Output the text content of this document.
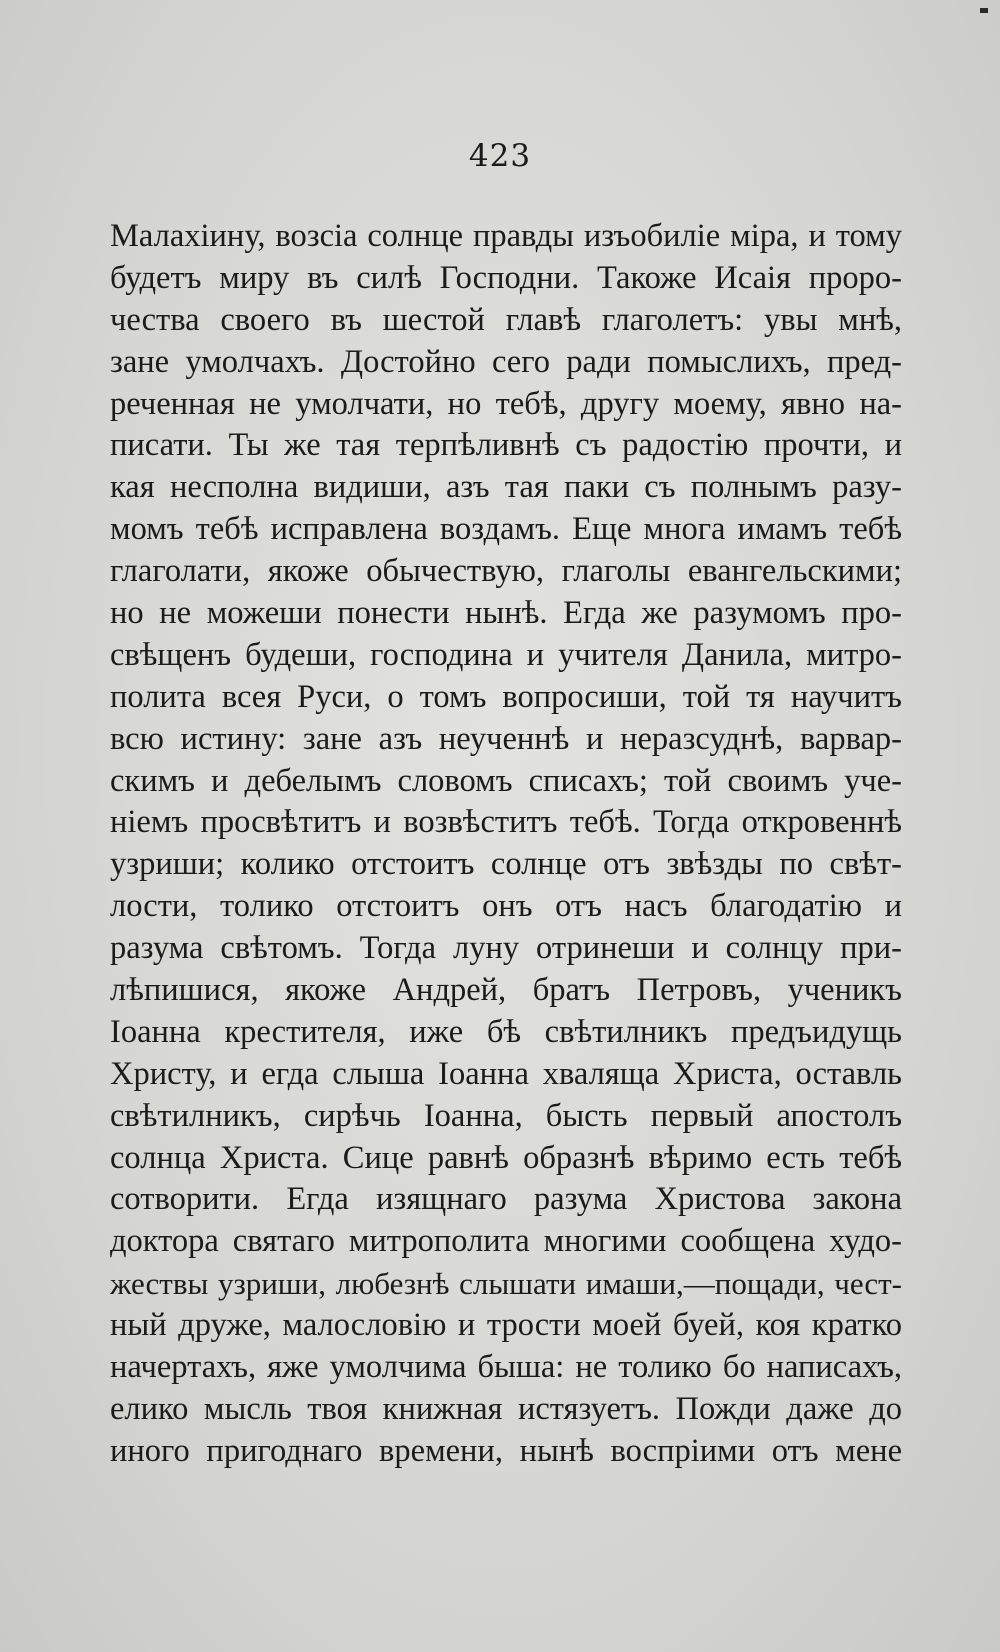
423
Малахіину, возсіа солнце правды изъобиліе міра, и тому
будетъ миру въ силѣ Господни. Такоже Исаія проро-
чества своего въ шестой главѣ глаголетъ: увы мнѣ,
зане умолчахъ. Достойно сего ради помыслихъ, пред-
реченная не умолчати, но тебѣ, другу моему, явно на-
писати. Ты же тая терпѣливнѣ съ радостію прочти, и
кая несполна видиши, азъ тая паки съ полнымъ разу-
момъ тебѣ исправлена воздамъ. Еще многа имамъ тебѣ
глаголати, якоже обычествую, глаголы евангельскими;
но не можеши понести нынѣ. Егда же разумомъ про-
свѣщенъ будеши, господина и учителя Данила, митро-
полита всея Руси, о томъ вопросиши, той тя научитъ
всю истину: зане азъ неученнѣ и неразсуднѣ, варвар-
скимъ и дебелымъ словомъ списахъ; той своимъ уче-
ніемъ просвѣтитъ и возвѣститъ тебѣ. Тогда откровеннѣ
узриши; колико отстоитъ солнце отъ звѣзды по свѣт-
лости, толико отстоитъ онъ отъ насъ благодатію и
разума свѣтомъ. Тогда луну отринеши и солнцу при-
лѣпишися, якоже Андрей, братъ Петровъ, ученикъ
Іоанна крестителя, иже бѣ свѣтилникъ предъидущь
Христу, и егда слыша Іоанна хваляща Христа, оставль
свѣтилникъ, сирѣчь Іоанна, бысть первый апостолъ
солнца Христа. Сице равнѣ образнѣ вѣримо есть тебѣ
сотворити. Егда изящнаго разума Христова закона
доктора святаго митрополита многими сообщена худо-
жествы узриши, любезнѣ слышати имаши,—пощади, чест-
ный друже, малословію и трости моей буей, коя кратко
начертахъ, яже умолчима быша: не толико бо написахъ,
елико мысль твоя книжная истязуетъ. Пожди даже до
иного пригоднаго времени, нынѣ воспріими отъ мене
